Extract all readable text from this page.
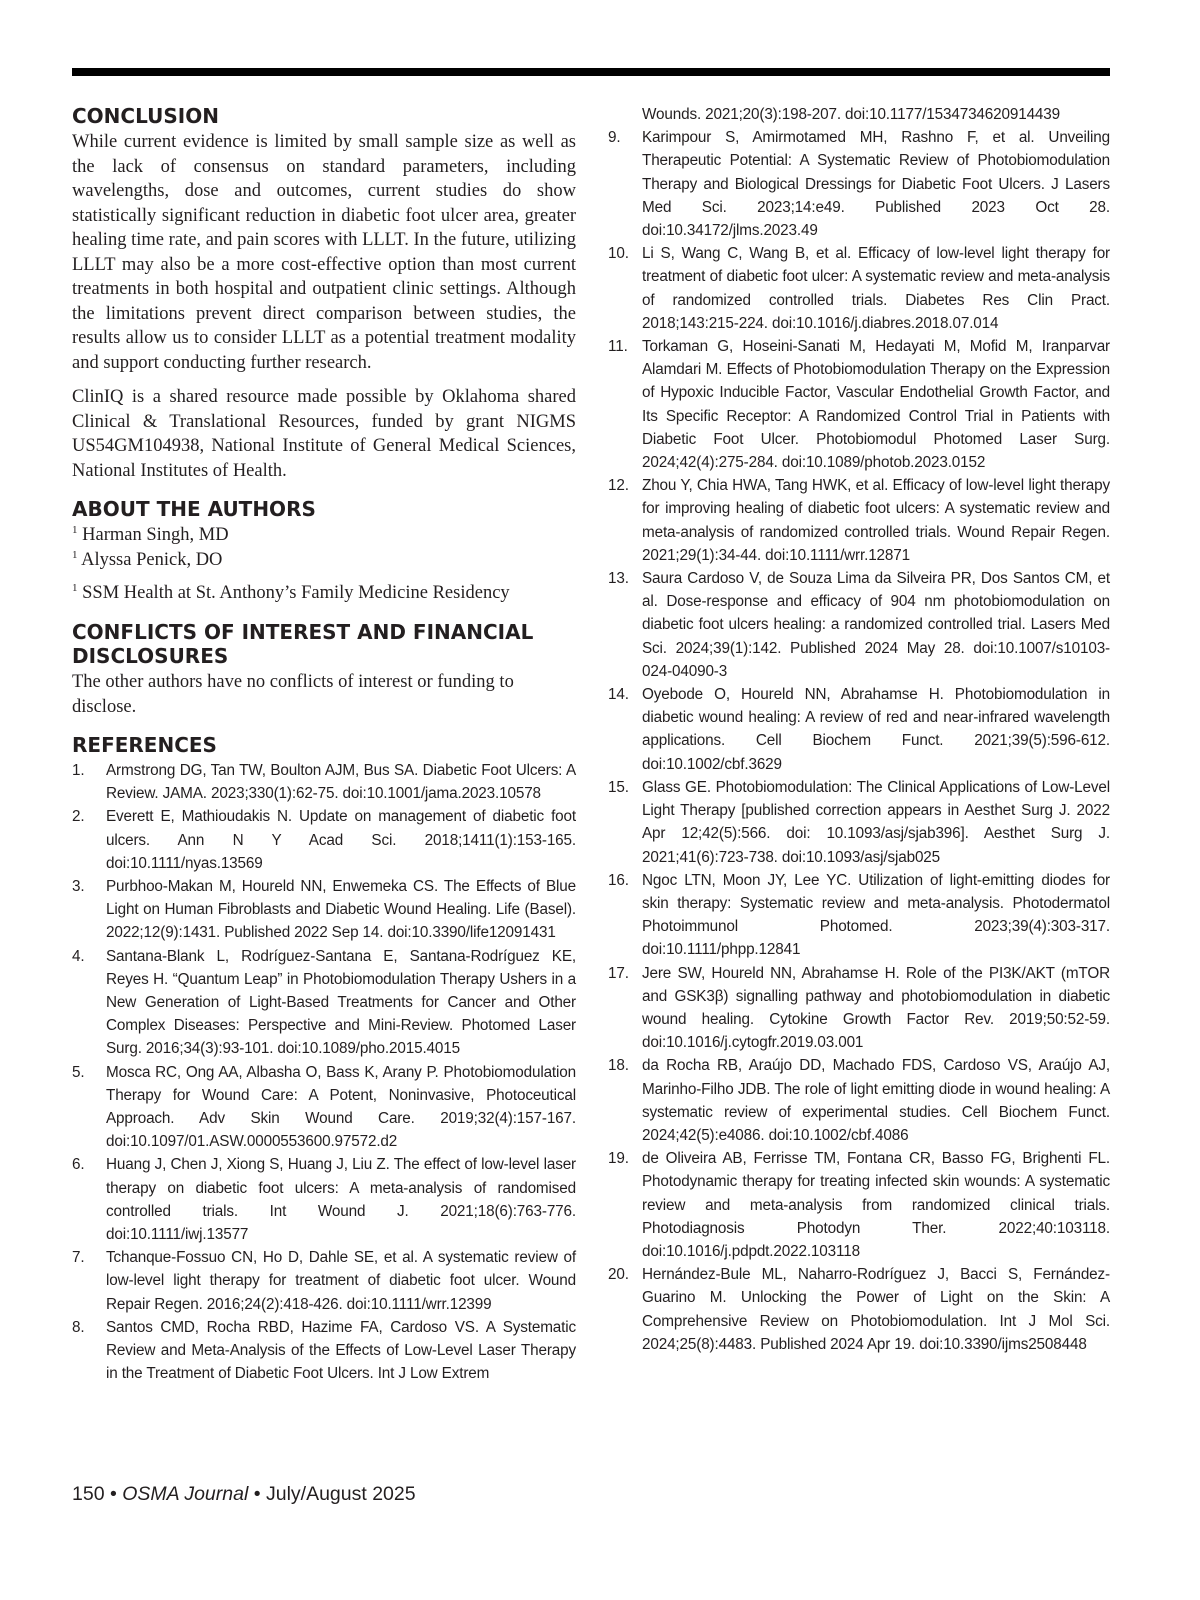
CONCLUSION

While current evidence is limited by small sample size as well as the lack of consensus on standard parameters, including wavelengths, dose and outcomes, current studies do show statistically significant reduction in diabetic foot ulcer area, greater healing time rate, and pain scores with LLLT. In the future, utilizing LLLT may also be a more cost-effective option than most current treatments in both hospital and outpatient clinic settings. Although the limitations prevent direct comparison between studies, the results allow us to consider LLLT as a potential treatment modality and support conducting further research.

ClinIQ is a shared resource made possible by Oklahoma shared Clinical & Translational Resources, funded by grant NIGMS US54GM104938, National Institute of General Medical Sciences, National Institutes of Health.

ABOUT THE AUTHORS
$^1$ Harman Singh, MD
$^1$ Alyssa Penick, DO
$^1$ SSM Health at St. Anthony’s Family Medicine Residency
CONFLICTS OF INTEREST AND FINANCIAL DISCLOSURES

The other authors have no conflicts of interest or funding to disclose.

REFERENCES
1. Armstrong DG, Tan TW, Boulton AJM, Bus SA. Diabetic Foot Ulcers: A Review. JAMA. 2023;330(1):62-75. doi:10.1001/jama.2023.10578
2. Everett E, Mathioudakis N. Update on management of diabetic foot ulcers. Ann N Y Acad Sci. 2018;1411(1):153-165. doi:10.1111/nyas.13569
3. Purbhoo-Makan M, Houreld NN, Enwemeka CS. The Effects of Blue Light on Human Fibroblasts and Diabetic Wound Healing. Life (Basel). 2022;12(9):1431. Published 2022 Sep 14. doi:10.3390/life12091431
4. Santana-Blank L, Rodríguez-Santana E, Santana-Rodríguez KE, Reyes H. “Quantum Leap” in Photobiomodulation Therapy Ushers in a New Generation of Light-Based Treatments for Cancer and Other Complex Diseases: Perspective and Mini-Review. Photomed Laser Surg. 2016;34(3):93-101. doi:10.1089/pho.2015.4015
5. Mosca RC, Ong AA, Albasha O, Bass K, Arany P. Photobiomodulation Therapy for Wound Care: A Potent, Noninvasive, Photoceutical Approach. Adv Skin Wound Care. 2019;32(4):157-167. doi:10.1097/01.ASW.0000553600.97572.d2
6. Huang J, Chen J, Xiong S, Huang J, Liu Z. The effect of low-level laser therapy on diabetic foot ulcers: A meta-analysis of randomised controlled trials. Int Wound J. 2021;18(6):763-776. doi:10.1111/iwj.13577
7. Tchanque-Fossuo CN, Ho D, Dahle SE, et al. A systematic review of low-level light therapy for treatment of diabetic foot ulcer. Wound Repair Regen. 2016;24(2):418-426. doi:10.1111/wrr.12399
8. Santos CMD, Rocha RBD, Hazime FA, Cardoso VS. A Systematic Review and Meta-Analysis of the Effects of Low-Level Laser Therapy in the Treatment of Diabetic Foot Ulcers. Int J Low Extrem
Wounds. 2021;20(3):198-207. doi:10.1177/1534734620914439
9. Karimpour S, Amirmotamed MH, Rashno F, et al. Unveiling Therapeutic Potential: A Systematic Review of Photobiomodulation Therapy and Biological Dressings for Diabetic Foot Ulcers. J Lasers Med Sci. 2023;14:e49. Published 2023 Oct 28. doi:10.34172/jlms.2023.49
10. Li S, Wang C, Wang B, et al. Efficacy of low-level light therapy for treatment of diabetic foot ulcer: A systematic review and meta-analysis of randomized controlled trials. Diabetes Res Clin Pract. 2018;143:215-224. doi:10.1016/j.diabres.2018.07.014
11. Torkaman G, Hoseini-Sanati M, Hedayati M, Mofid M, Iranparvar Alamdari M. Effects of Photobiomodulation Therapy on the Expression of Hypoxic Inducible Factor, Vascular Endothelial Growth Factor, and Its Specific Receptor: A Randomized Control Trial in Patients with Diabetic Foot Ulcer. Photobiomodul Photomed Laser Surg. 2024;42(4):275-284. doi:10.1089/photob.2023.0152
12. Zhou Y, Chia HWA, Tang HWK, et al. Efficacy of low-level light therapy for improving healing of diabetic foot ulcers: A systematic review and meta-analysis of randomized controlled trials. Wound Repair Regen. 2021;29(1):34-44. doi:10.1111/wrr.12871
13. Saura Cardoso V, de Souza Lima da Silveira PR, Dos Santos CM, et al. Dose-response and efficacy of 904 nm photobiomodulation on diabetic foot ulcers healing: a randomized controlled trial. Lasers Med Sci. 2024;39(1):142. Published 2024 May 28. doi:10.1007/s10103-024-04090-3
14. Oyebode O, Houreld NN, Abrahamse H. Photobiomodulation in diabetic wound healing: A review of red and near-infrared wavelength applications. Cell Biochem Funct. 2021;39(5):596-612. doi:10.1002/cbf.3629
15. Glass GE. Photobiomodulation: The Clinical Applications of Low-Level Light Therapy [published correction appears in Aesthet Surg J. 2022 Apr 12;42(5):566. doi: 10.1093/asj/sjab396]. Aesthet Surg J. 2021;41(6):723-738. doi:10.1093/asj/sjab025
16. Ngoc LTN, Moon JY, Lee YC. Utilization of light-emitting diodes for skin therapy: Systematic review and meta-analysis. Photodermatol Photoimmunol Photomed. 2023;39(4):303-317. doi:10.1111/phpp.12841
17. Jere SW, Houreld NN, Abrahamse H. Role of the PI3K/AKT (mTOR and GSK3β) signalling pathway and photobiomodulation in diabetic wound healing. Cytokine Growth Factor Rev. 2019;50:52-59. doi:10.1016/j.cytogfr.2019.03.001
18. da Rocha RB, Araújo DD, Machado FDS, Cardoso VS, Araújo AJ, Marinho-Filho JDB. The role of light emitting diode in wound healing: A systematic review of experimental studies. Cell Biochem Funct. 2024;42(5):e4086. doi:10.1002/cbf.4086
19. de Oliveira AB, Ferrisse TM, Fontana CR, Basso FG, Brighenti FL. Photodynamic therapy for treating infected skin wounds: A systematic review and meta-analysis from randomized clinical trials. Photodiagnosis Photodyn Ther. 2022;40:103118. doi:10.1016/j.pdpdt.2022.103118
20. Hernández-Bule ML, Naharro-Rodríguez J, Bacci S, Fernández-Guarino M. Unlocking the Power of Light on the Skin: A Comprehensive Review on Photobiomodulation. Int J Mol Sci. 2024;25(8):4483. Published 2024 Apr 19. doi:10.3390/ijms2508448
150 • OSMA Journal • July/August 2025
